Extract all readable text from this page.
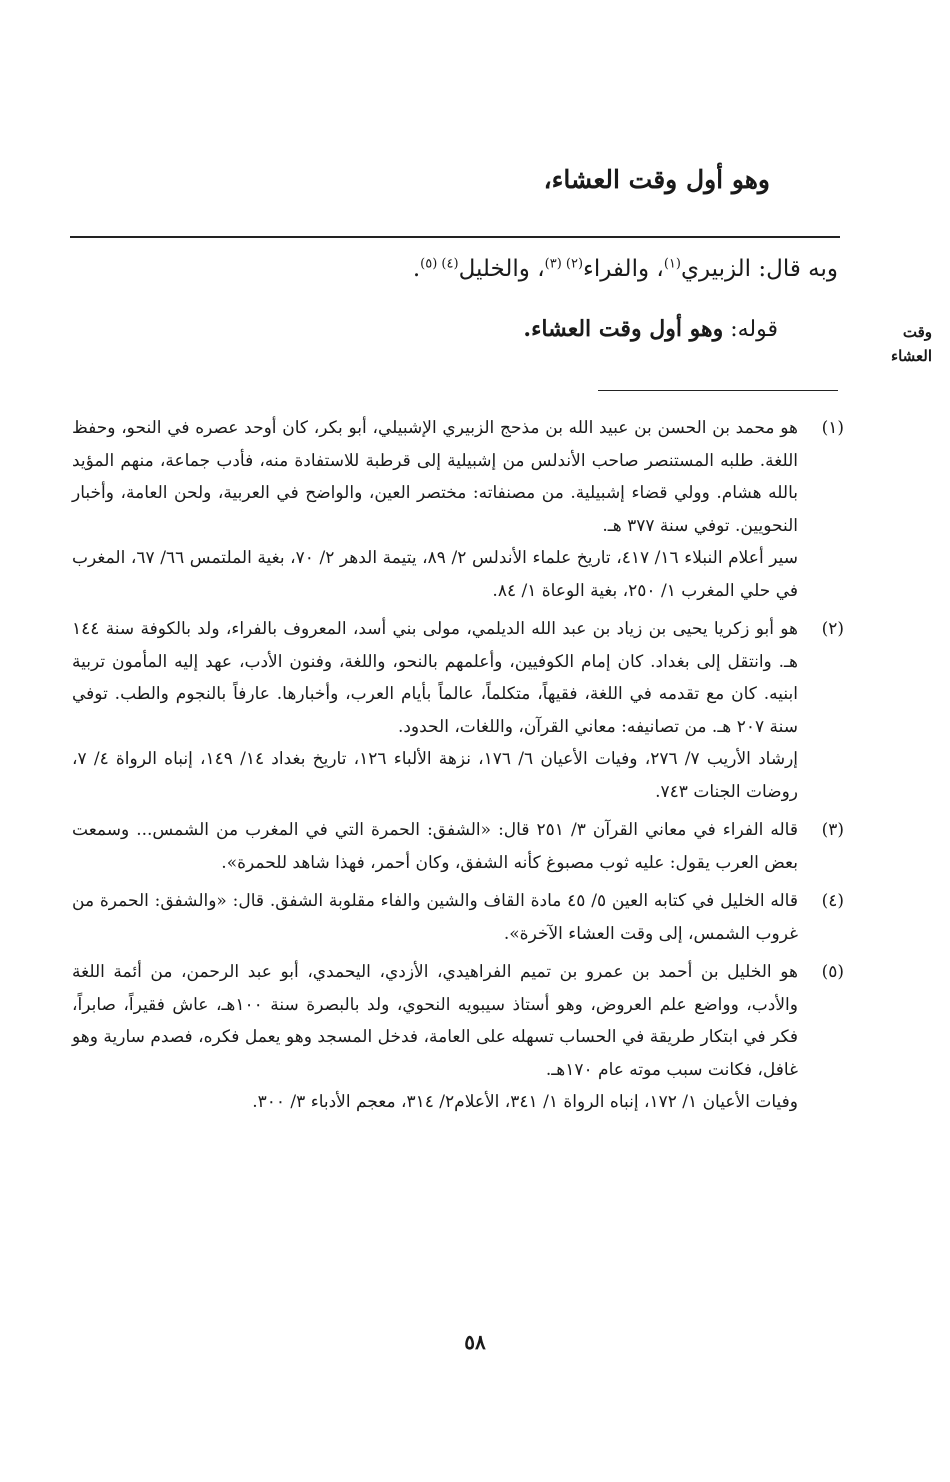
وهو أول وقت العشاء،
وبه قال: الزبيري$^{(١)}$، والفراء$^{(٢) (٣)}$، والخليل$^{(٤) (٥)}$.
قوله: وهو أول وقت العشاء.	وقت
العشاء
(١)

هو محمد بن الحسن بن عبيد الله بن مذحج الزبيري الإشبيلي، أبو بكر، كان أوحد عصره في النحو، وحفظ اللغة. طلبه المستنصر صاحب الأندلس من إشبيلية إلى قرطبة للاستفادة منه، فأدب جماعة، منهم المؤيد بالله هشام. وولي قضاء إشبيلية. من مصنفاته: مختصر العين، والواضح في العربية، ولحن العامة، وأخبار النحويين. توفي سنة ٣٧٧ هـ.

سير أعلام النبلاء ١٦/ ٤١٧، تاريخ علماء الأندلس ٢/ ٨٩، يتيمة الدهر ٢/ ٧٠، بغية الملتمس ٦٦/ ٦٧، المغرب في حلي المغرب ١/ ٢٥٠، بغية الوعاة ١/ ٨٤.

(٢)

هو أبو زكريا يحيى بن زياد بن عبد الله الديلمي، مولى بني أسد، المعروف بالفراء، ولد بالكوفة سنة ١٤٤ هـ. وانتقل إلى بغداد. كان إمام الكوفيين، وأعلمهم بالنحو، واللغة، وفنون الأدب، عهد إليه المأمون تربية ابنيه. كان مع تقدمه في اللغة، فقيهاً، متكلماً، عالماً بأيام العرب، وأخبارها. عارفاً بالنجوم والطب. توفي سنة ٢٠٧ هـ. من تصانيفه: معاني القرآن، واللغات، الحدود.

إرشاد الأريب ٧/ ٢٧٦، وفيات الأعيان ٦/ ١٧٦، نزهة الألباء ١٢٦، تاريخ بغداد ١٤/ ١٤٩، إنباه الرواة ٤/ ٧، روضات الجنات ٧٤٣.

(٣)

قاله الفراء في معاني القرآن ٣/ ٢٥١ قال: «الشفق: الحمرة التي في المغرب من الشمس... وسمعت بعض العرب يقول: عليه ثوب مصبوغ كأنه الشفق، وكان أحمر، فهذا شاهد للحمرة».

(٤)

قاله الخليل في كتابه العين ٥/ ٤٥ مادة القاف والشين والفاء مقلوبة الشفق. قال: «والشفق: الحمرة من غروب الشمس، إلى وقت العشاء الآخرة».

(٥)

هو الخليل بن أحمد بن عمرو بن تميم الفراهيدي، الأزدي، اليحمدي، أبو عبد الرحمن، من أئمة اللغة والأدب، وواضع علم العروض، وهو أستاذ سيبويه النحوي، ولد بالبصرة سنة ١٠٠هـ، عاش فقيراً، صابراً، فكر في ابتكار طريقة في الحساب تسهله على العامة، فدخل المسجد وهو يعمل فكره، فصدم سارية وهو غافل، فكانت سبب موته عام ١٧٠هـ.

وفيات الأعيان ١/ ١٧٢، إنباه الرواة ١/ ٣٤١، الأعلام٢/ ٣١٤، معجم الأدباء ٣/ ٣٠٠.

٥٨
